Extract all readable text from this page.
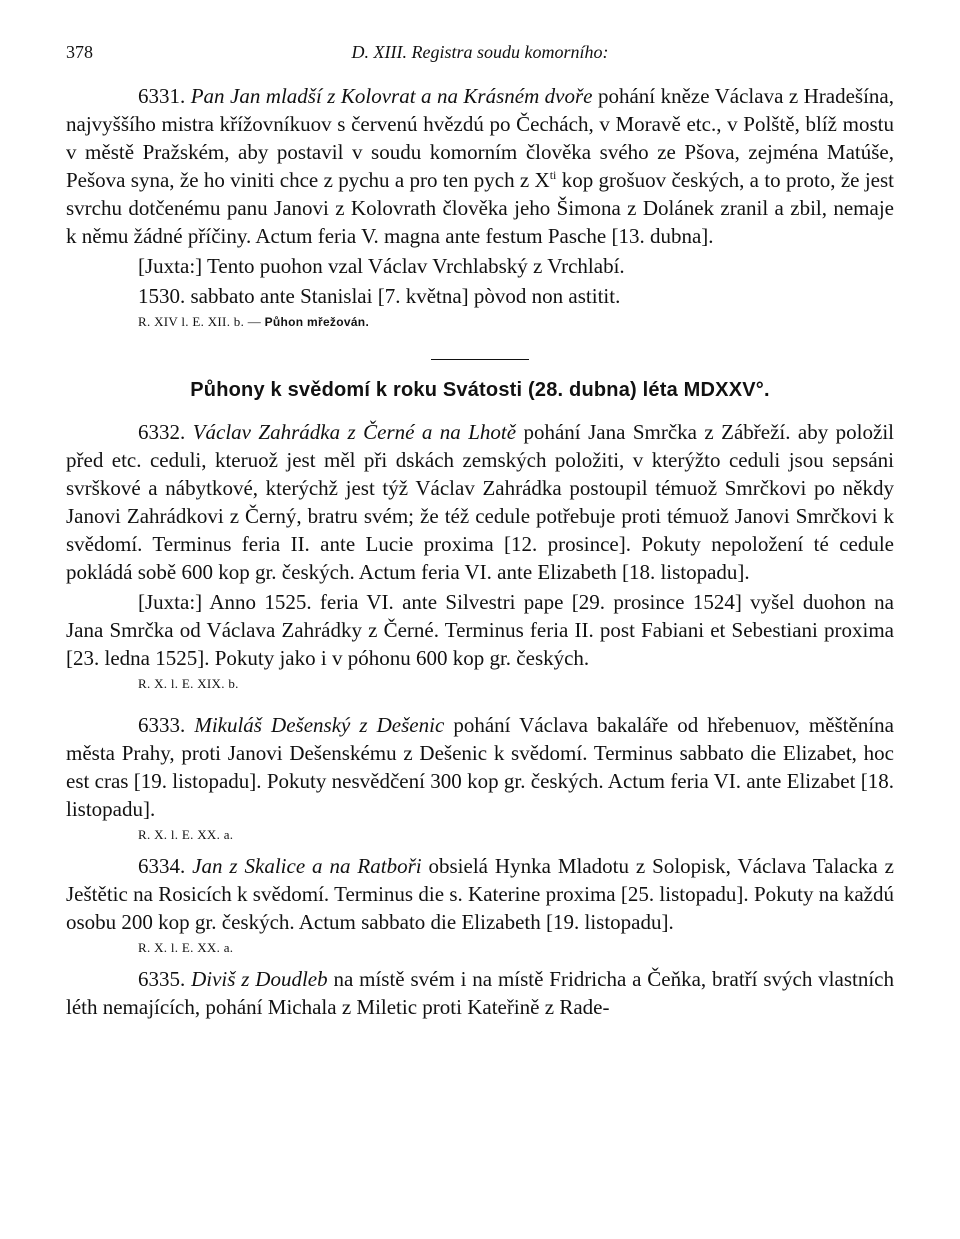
378	D. XIII. Registra soudu komorního:

6331. Pan Jan mladší z Kolovrat a na Krásném dvoře pohání kněze Václava z Hradešína, najvyššího mistra křížovníkuov s červenú hvězdú po Čechách, v Moravě etc., v Polště, blíž mostu v městě Pražském, aby postavil v soudu komorním člověka svého ze Pšova, zejména Matúše, Pešova syna, že ho viniti chce z pychu a pro ten pych z $X^{ti}$ kop grošuov českých, a to proto, že jest svrchu dotčenému panu Janovi z Kolovrath člověka jeho Šimona z Dolánek zranil a zbil, nemaje k němu žádné příčiny. Actum feria V. magna ante festum Pasche [13. dubna].

[Juxta:] Tento puohon vzal Václav Vrchlabský z Vrchlabí.

1530. sabbato ante Stanislai [7. května] pòvod non astitit.

R. XIV l. E. XII. b. — Půhon mřežován.
Půhony k svědomí k roku Svátosti (28. dubna) léta MDXXV°.

6332. Václav Zahrádka z Černé a na Lhotě pohání Jana Smrčka z Zábřeží. aby položil před etc. ceduli, kteruož jest měl při dskách zemských položiti, v kterýžto ceduli jsou sepsáni svrškové a nábytkové, kterýchž jest týž Václav Zahrádka postoupil témuož Smrčkovi po někdy Janovi Zahrádkovi z Černý, bratru svém; že též cedule potřebuje proti témuož Janovi Smrčkovi k svědomí. Terminus feria II. ante Lucie proxima [12. prosince]. Pokuty nepoložení té cedule pokládá sobě 600 kop gr. českých. Actum feria VI. ante Elizabeth [18. listopadu].

[Juxta:] Anno 1525. feria VI. ante Silvestri pape [29. prosince 1524] vyšel duohon na Jana Smrčka od Václava Zahrádky z Černé. Terminus feria II. post Fabiani et Sebestiani proxima [23. ledna 1525]. Pokuty jako i v póhonu 600 kop gr. českých.

R. X. l. E. XIX. b.

6333. Mikuláš Dešenský z Dešenic pohání Václava bakaláře od hřebenuov, měštěnína města Prahy, proti Janovi Dešenskému z Dešenic k svědomí. Terminus sabbato die Elizabet, hoc est cras [19. listopadu]. Pokuty nesvědčení 300 kop gr. českých. Actum feria VI. ante Elizabet [18. listopadu].

R. X. l. E. XX. a.

6334. Jan z Skalice a na Ratboři obsielá Hynka Mladotu z Solopisk, Václava Talacka z Ještětic na Rosicích k svědomí. Terminus die s. Katerine proxima [25. listopadu]. Pokuty na každú osobu 200 kop gr. českých. Actum sabbato die Elizabeth [19. listopadu].

R. X. l. E. XX. a.

6335. Diviš z Doudleb na místě svém i na místě Fridricha a Čeňka, bratří svých vlastních léth nemajících, pohání Michala z Miletic proti Kateřině z Rade-
